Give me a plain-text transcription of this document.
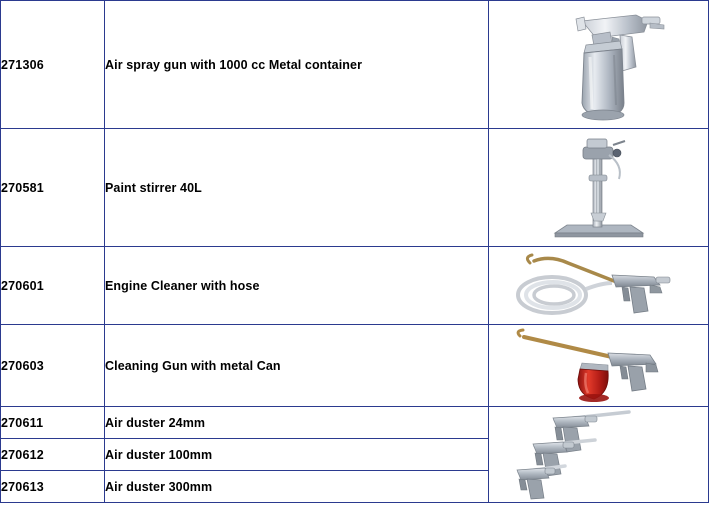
271306	Air spray gun with 1000 cc Metal container	

270581	Paint stirrer 40L	

270601	Engine Cleaner with hose	

270603	Cleaning Gun with metal Can	

270611	Air duster 24mm	

270612	Air duster 100mm	
270613	Air duster 300mm	
